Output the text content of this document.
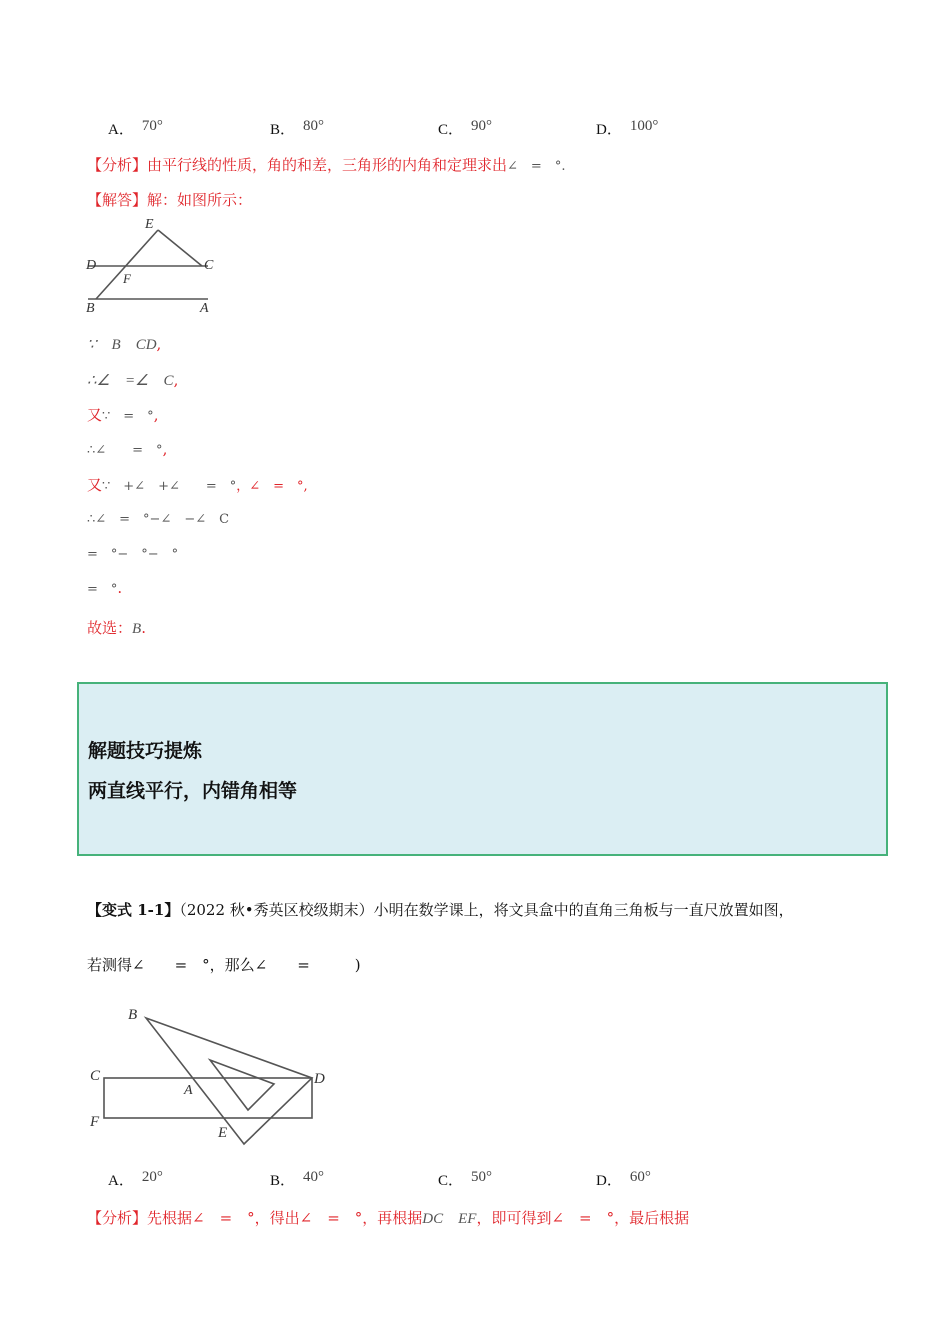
A． 70°	B． 80°	C． 90°	D． 100°
【分析】由平行线的性质，角的和差，三角形的内角和定理求出∠　=　°.
【解答】解：如图所示：
E
D	C
F
B	A
∵　B　CD,
∴∠　=∠　C,
又∵　=　°,
∴∠　　=　°,
又∵　+∠　+∠　　=　°，∠　=　°,
∴∠　=　°−∠　−∠　C
=　°−　°−　°
=　°.
故选：B.
解题技巧提炼
两直线平行，内错角相等
【变式 1-1】（2022 秋•秀英区校级期末）小明在数学课上，将文具盒中的直角三角板与一直尺放置如图，
若测得∠　　=　°，那么∠　　=　　　)
B
C
A
D
F
E
A． 20°	B． 40°	C． 50°	D． 60°
【分析】先根据∠　=　°，得出∠　=　°，再根据DC　EF，即可得到∠　=　°，最后根据
